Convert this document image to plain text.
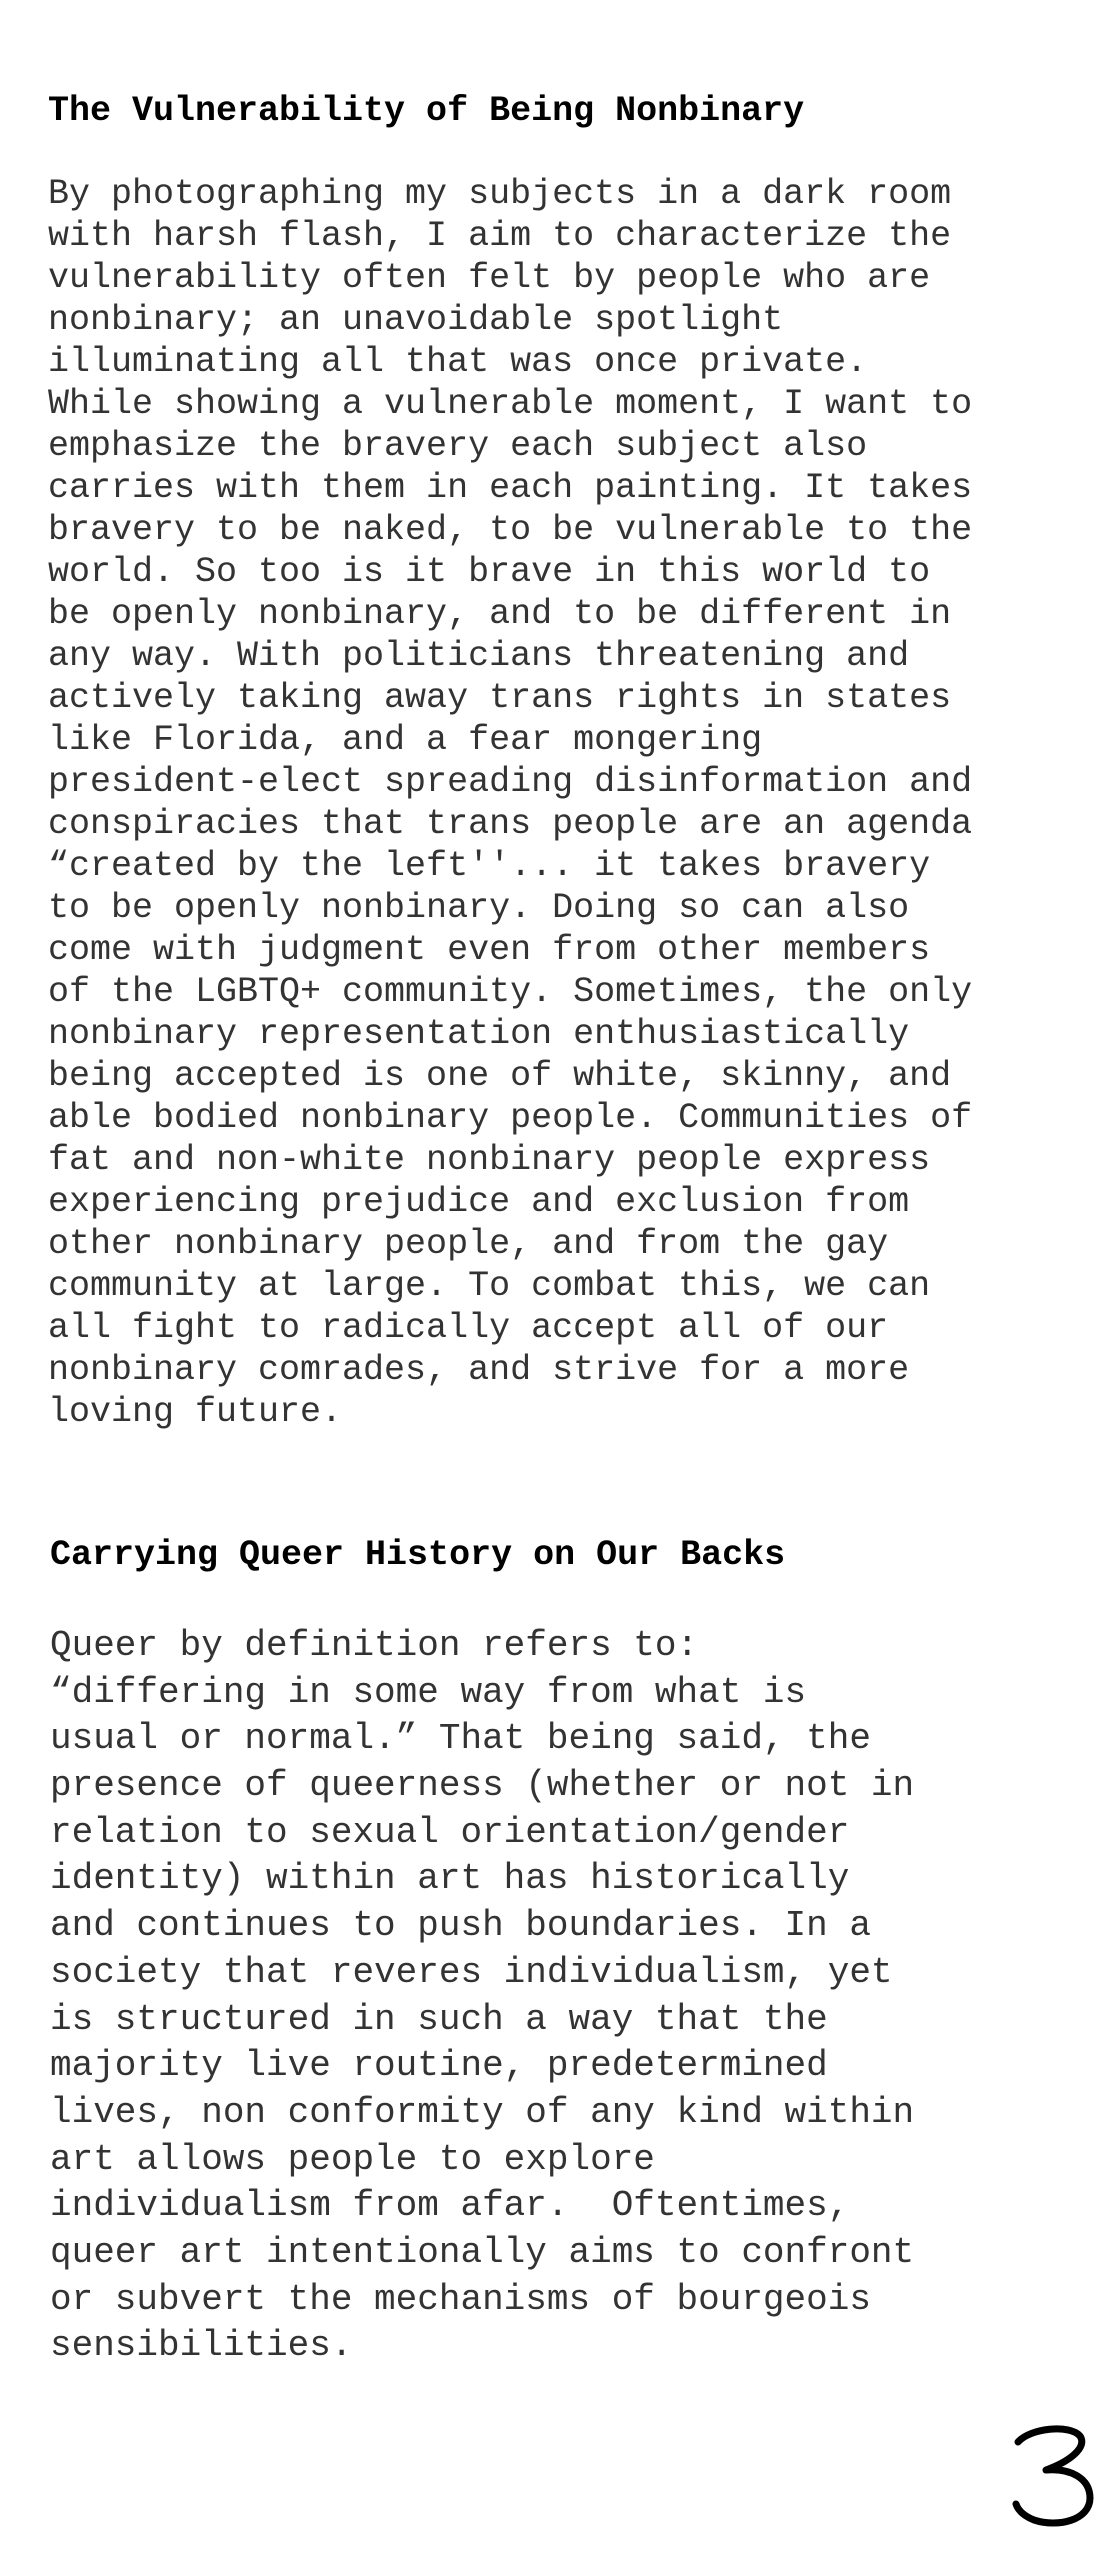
The Vulnerability of Being Nonbinary
By photographing my subjects in a dark room
with harsh flash, I aim to characterize the
vulnerability often felt by people who are
nonbinary; an unavoidable spotlight
illuminating all that was once private.
While showing a vulnerable moment, I want to
emphasize the bravery each subject also
carries with them in each painting. It takes
bravery to be naked, to be vulnerable to the
world. So too is it brave in this world to
be openly nonbinary, and to be different in
any way. With politicians threatening and
actively taking away trans rights in states
like Florida, and a fear mongering
president-elect spreading disinformation and
conspiracies that trans people are an agenda
“created by the left''... it takes bravery
to be openly nonbinary. Doing so can also
come with judgment even from other members
of the LGBTQ+ community. Sometimes, the only
nonbinary representation enthusiastically
being accepted is one of white, skinny, and
able bodied nonbinary people. Communities of
fat and non-white nonbinary people express
experiencing prejudice and exclusion from
other nonbinary people, and from the gay
community at large. To combat this, we can
all fight to radically accept all of our
nonbinary comrades, and strive for a more
loving future.
Carrying Queer History on Our Backs
Queer by definition refers to:
“differing in some way from what is
usual or normal.” That being said, the
presence of queerness (whether or not in
relation to sexual orientation/gender
identity) within art has historically
and continues to push boundaries. In a
society that reveres individualism, yet
is structured in such a way that the
majority live routine, predetermined
lives, non conformity of any kind within
art allows people to explore
individualism from afar.  Oftentimes,
queer art intentionally aims to confront
or subvert the mechanisms of bourgeois
sensibilities.
